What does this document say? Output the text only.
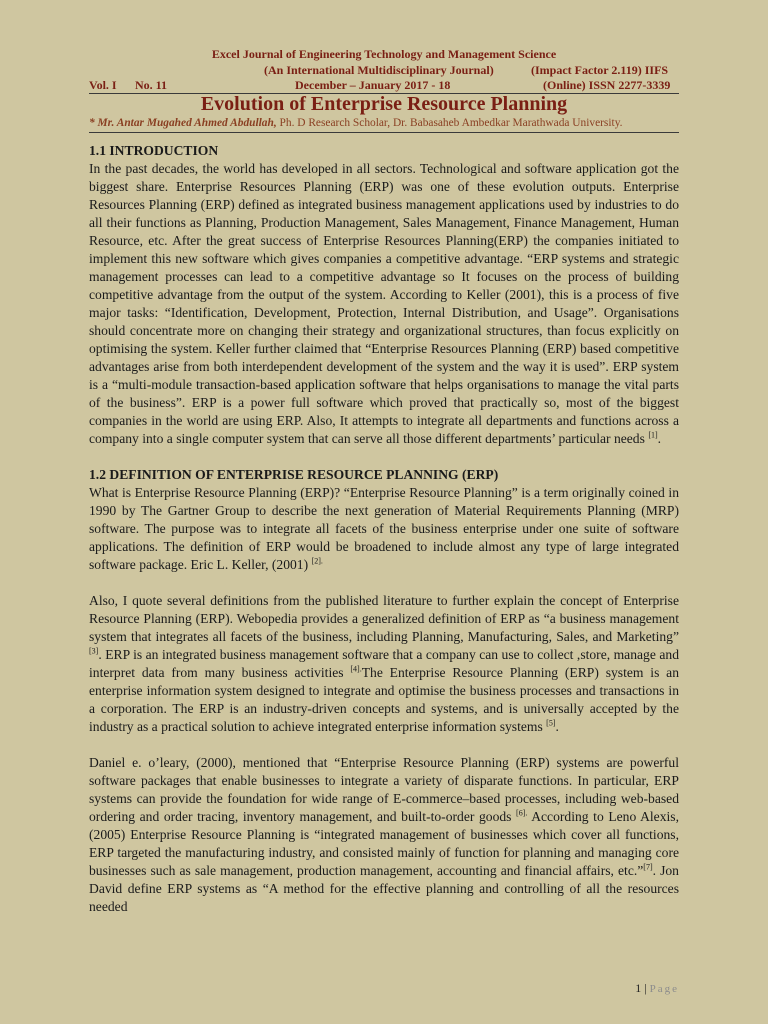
Excel Journal of Engineering Technology and Management Science
(An International Multidisciplinary Journal)	(Impact Factor 2.119) IIFS
Vol. I No. 11	December – January 2017 - 18	(Online) ISSN 2277-3339
Evolution of Enterprise Resource Planning
* Mr. Antar Mugahed Ahmed Abdullah, Ph. D Research Scholar, Dr. Babasaheb Ambedkar Marathwada University.
1.1 INTRODUCTION

In the past decades, the world has developed in all sectors. Technological and software application got the biggest share. Enterprise Resources Planning (ERP) was one of these evolution outputs. Enterprise Resources Planning (ERP) defined as integrated business management applications used by industries to do all their functions as Planning, Production Management, Sales Management, Finance Management, Human Resource, etc. After the great success of Enterprise Resources Planning(ERP) the companies initiated to implement this new software which gives companies a competitive advantage. “ERP systems and strategic management processes can lead to a competitive advantage so It focuses on the process of building competitive advantage from the output of the system. According to Keller (2001), this is a process of five major tasks: “Identification, Development, Protection, Internal Distribution, and Usage”. Organisations should concentrate more on changing their strategy and organizational structures, than focus explicitly on optimising the system. Keller further claimed that “Enterprise Resources Planning (ERP) based competitive advantages arise from both interdependent development of the system and the way it is used”. ERP system is a “multi-module transaction-based application software that helps organisations to manage the vital parts of the business”. ERP is a power full software which proved that practically so, most of the biggest companies in the world are using ERP. Also, It attempts to integrate all departments and functions across a company into a single computer system that can serve all those different departments’ particular needs [1].

1.2 DEFINITION OF ENTERPRISE RESOURCE PLANNING (ERP)

What is Enterprise Resource Planning (ERP)? “Enterprise Resource Planning” is a term originally coined in 1990 by The Gartner Group to describe the next generation of Material Requirements Planning (MRP) software. The purpose was to integrate all facets of the business enterprise under one suite of software applications. The definition of ERP would be broadened to include almost any type of large integrated software package. Eric L. Keller, (2001) $^{[2].}$

Also, I quote several definitions from the published literature to further explain the concept of Enterprise Resource Planning (ERP). Webopedia provides a generalized definition of ERP as “a business management system that integrates all facets of the business, including Planning, Manufacturing, Sales, and Marketing” [3]. ERP is an integrated business management software that a company can use to collect ,store, manage and interpret data from many business activities $^{[4].}$The Enterprise Resource Planning (ERP) system is an enterprise information system designed to integrate and optimise the business processes and transactions in a corporation. The ERP is an industry-driven concepts and systems, and is universally accepted by the industry as a practical solution to achieve integrated enterprise information systems [5].

Daniel e. o’leary, (2000), mentioned that “Enterprise Resource Planning (ERP) systems are powerful software packages that enable businesses to integrate a variety of disparate functions. In particular, ERP systems can provide the foundation for wide range of E-commerce–based processes, including web-based ordering and order tracing, inventory management, and built-to-order goods $^{[6].}$ According to Leno Alexis, (2005) Enterprise Resource Planning is “integrated management of businesses which cover all functions, ERP targeted the manufacturing industry, and consisted mainly of function for planning and managing core businesses such as sale management, production management, accounting and financial affairs, etc.”[7]. Jon David define ERP systems as “A method for the effective planning and controlling of all the resources needed

1 | Page
